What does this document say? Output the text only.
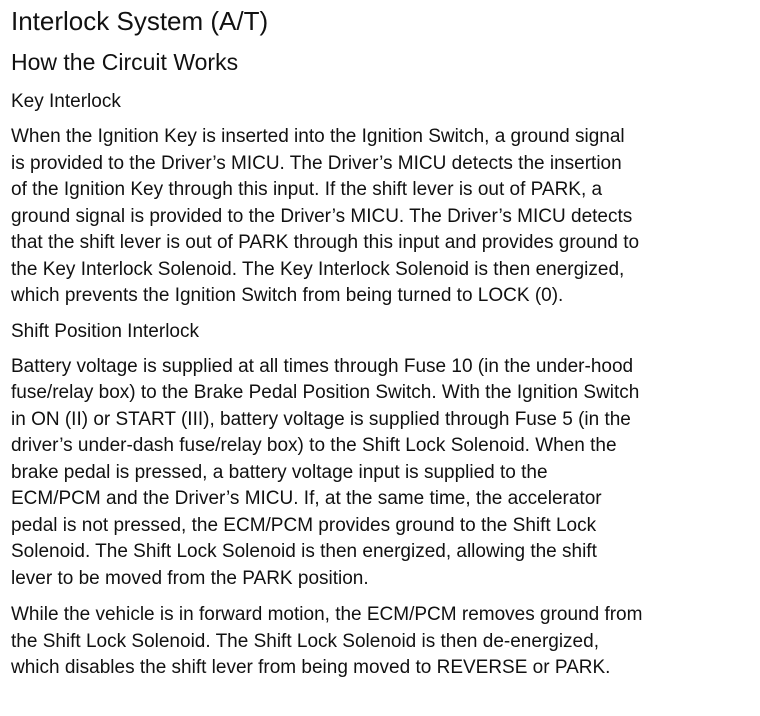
Interlock System (A/T)
How the Circuit Works
Key Interlock

When the Ignition Key is inserted into the Ignition Switch, a ground signal
is provided to the Driver’s MICU. The Driver’s MICU detects the insertion
of the Ignition Key through this input. If the shift lever is out of PARK, a
ground signal is provided to the Driver’s MICU. The Driver’s MICU detects
that the shift lever is out of PARK through this input and provides ground to
the Key Interlock Solenoid. The Key Interlock Solenoid is then energized,
which prevents the Ignition Switch from being turned to LOCK (0).

Shift Position Interlock

Battery voltage is supplied at all times through Fuse 10 (in the under-hood
fuse/relay box) to the Brake Pedal Position Switch. With the Ignition Switch
in ON (II) or START (III), battery voltage is supplied through Fuse 5 (in the
driver’s under-dash fuse/relay box) to the Shift Lock Solenoid. When the
brake pedal is pressed, a battery voltage input is supplied to the
ECM/PCM and the Driver’s MICU. If, at the same time, the accelerator
pedal is not pressed, the ECM/PCM provides ground to the Shift Lock
Solenoid. The Shift Lock Solenoid is then energized, allowing the shift
lever to be moved from the PARK position.

While the vehicle is in forward motion, the ECM/PCM removes ground from
the Shift Lock Solenoid. The Shift Lock Solenoid is then de-energized,
which disables the shift lever from being moved to REVERSE or PARK.
